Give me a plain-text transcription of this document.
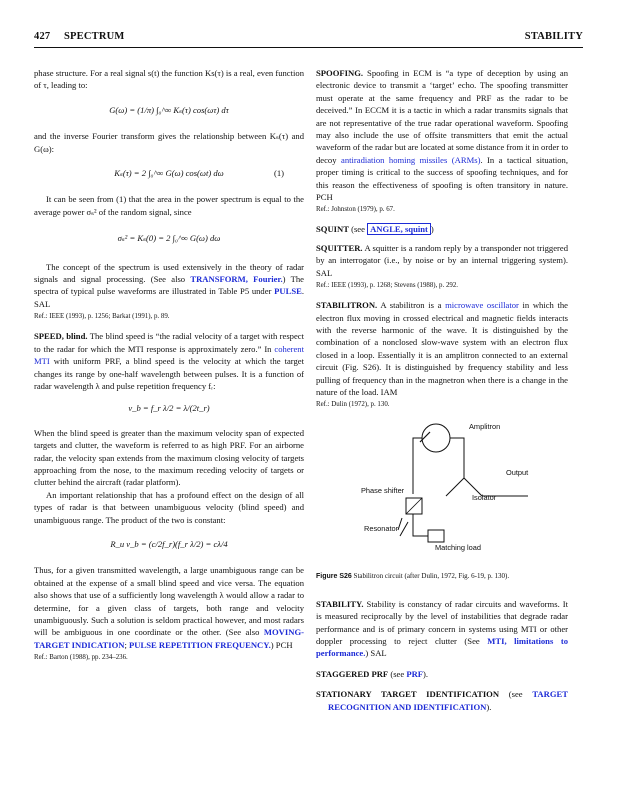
427 SPECTRUM	STABILITY

phase structure. For a real signal s(t) the function Ks(τ) is a real, even function of τ, leading to:

G(ω) = (1/π) ∫₀^∞ Kₛ(τ) cos(ωτ) dτ

and the inverse Fourier transform gives the relationship between Kₛ(τ) and G(ω):

Kₛ(τ) = 2 ∫₀^∞ G(ω) cos(ωt) dω	(1)

It can be seen from (1) that the area in the power spectrum is equal to the average power σₛ² of the random signal, since

σₛ² = Kₛ(0) = 2 ∫₀^∞ G(ω) dω

The concept of the spectrum is used extensively in the theory of radar signals and signal processing. (See also TRANSFORM, Fourier.) The spectra of typical pulse waveforms are illustrated in Table P5 under PULSE. SAL

Ref.: IEEE (1993), p. 1256; Barkat (1991), p. 89.

SPEED, blind. The blind speed is “the radial velocity of a target with respect to the radar for which the MTI response is approximately zero.” In coherent MTI with uniform PRF, a blind speed is the velocity at which the target changes its range by one-half wavelength between pulses. It is a function of radar wavelength λ and pulse repetition frequency fᵣ:

v_b = f_r λ/2 = λ/(2t_r)

When the blind speed is greater than the maximum velocity span of expected targets and clutter, the waveform is referred to as high PRF. For an airborne radar, the velocity span extends from the maximum closing velocity of targets approaching from the nose, to the maximum receding velocity of targets or clutter behind the aircraft (radar platform).

An important relationship that has a profound effect on the design of all types of radar is that between unambiguous velocity (blind speed) and unambiguous range. The product of the two is constant:

R_u v_b = (c/2f_r)(f_r λ/2) = cλ/4

Thus, for a given transmitted wavelength, a large unambiguous range can be obtained at the expense of a small blind speed and vice versa. The equation also shows that use of a sufficiently long wavelength λ would allow a radar to determine, for a given class of targets, both range and velocity unambiguously. Such a solution is seldom practical however, and most radars will be ambiguous in one coordinate or the other. (See also MOVING-TARGET INDICATION; PULSE REPETITION FREQUENCY.) PCH

Ref.: Barton (1988), pp. 234–236.

SPOOFING. Spoofing in ECM is “a type of deception by using an electronic device to transmit a ‘target’ echo. The spoofing transmitter must operate at the same frequency and PRF as the radar to be deceived.” In ECCM it is a tactic in which a radar transmits signals that are not representative of the true radar operational waveform. Spoofing may also include the use of offsite transmitters that emit the actual waveform of the radar but are located at some distance from it in order to decoy antiradiation homing missiles (ARMs). In a tactical situation, proper timing is critical to the success of spoofing techniques, and for this reason the effectiveness of spoofing is often transitory in nature. PCH

Ref.: Johnston (1979), p. 67.

SQUINT (see ANGLE, squint )

SQUITTER. A squitter is a random reply by a transponder not triggered by an interrogator (i.e., by noise or by an internal triggering system). SAL

Ref.: IEEE (1993), p. 1268; Stevens (1988), p. 292.

STABILITRON. A stabilitron is a microwave oscillator in which the electron flux moving in crossed electrical and magnetic fields interacts with the reverse harmonic of the wave. It is distinguished by the combination of a nonclosed slow-wave system with an electron flux closed in a loop. Essentially it is an amplitron connected to an external circuit (Fig. S26). It is distinguished by frequency stability and less pulling of frequency than in the magnetron when there is a change in the nature of the load. IAM

Ref.: Dulin (1972), p. 130.

Amplitron
Output
Phase shifter
Isolator
Resonator
Matching load

Figure S26 Stabilitron circuit (after Dulin, 1972, Fig. 6-19, p. 130).

STABILITY. Stability is constancy of radar circuits and waveforms. It is measured reciprocally by the level of instabilities that degrade radar performance and is of primary concern in systems using MTI or other doppler processing to reject clutter (See MTI, limitations to performance.) SAL

STAGGERED PRF (see PRF).

STATIONARY TARGET IDENTIFICATION (see TARGET RECOGNITION AND IDENTIFICATION).
